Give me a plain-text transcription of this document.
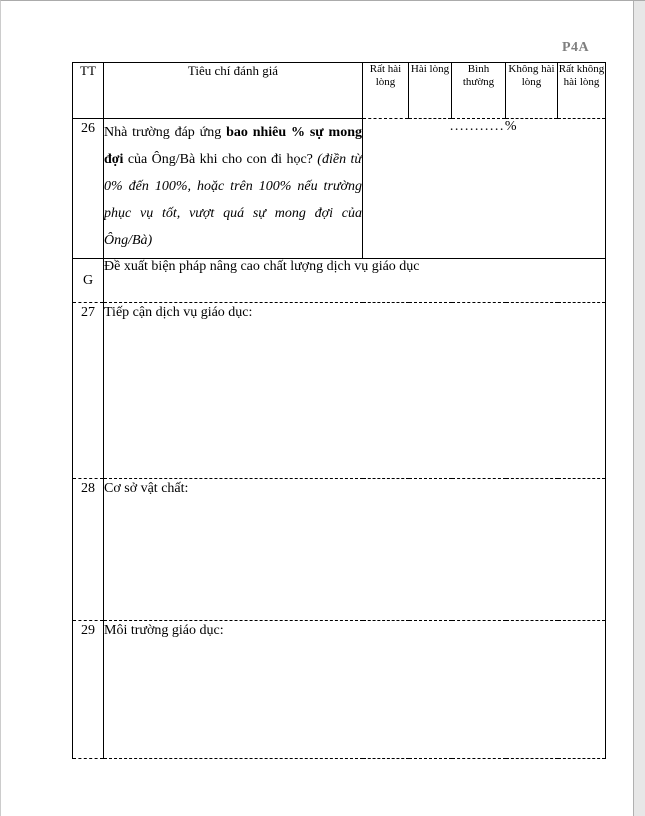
P4A
TT	Tiêu chí đánh giá	Rất hài lòng	Hài lòng	Bình thường	Không hài lòng	Rất không hài lòng
26	Nhà trường đáp ứng bao nhiêu % sự mong đợi của Ông/Bà khi cho con đi học? (điền từ 0% đến 100%, hoặc trên 100% nếu trường phục vụ tốt, vượt quá sự mong đợi của Ông/Bà)	...........%				
G	Đề xuất biện pháp nâng cao chất lượng dịch vụ giáo dục					
27	Tiếp cận dịch vụ giáo dục:					
28	Cơ sở vật chất:					
29	Môi trường giáo dục:					
